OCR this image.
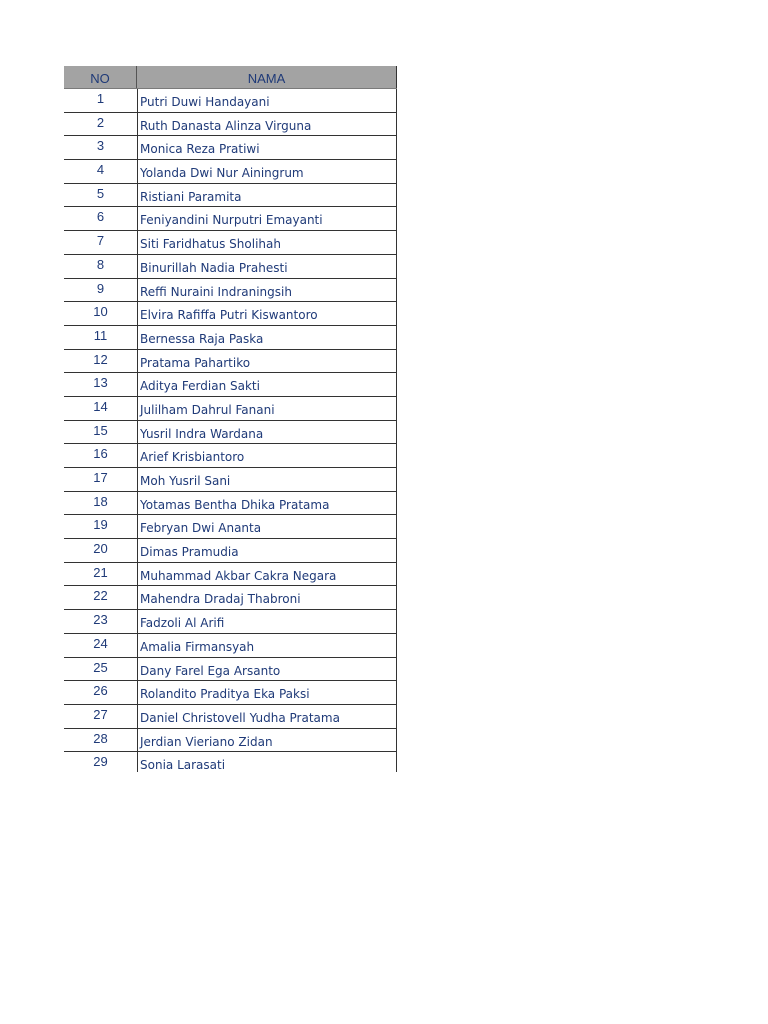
NO	NAMA
1	Putri Duwi Handayani
2	Ruth Danasta Alinza Virguna
3	Monica Reza Pratiwi
4	Yolanda Dwi Nur Ainingrum
5	Ristiani Paramita
6	Feniyandini Nurputri Emayanti
7	Siti Faridhatus Sholihah
8	Binurillah Nadia Prahesti
9	Reffi Nuraini Indraningsih
10	Elvira Rafiffa Putri Kiswantoro
11	Bernessa Raja Paska
12	Pratama Pahartiko
13	Aditya Ferdian Sakti
14	Julilham Dahrul Fanani
15	Yusril Indra Wardana
16	Arief Krisbiantoro
17	Moh Yusril Sani
18	Yotamas Bentha Dhika Pratama
19	Febryan Dwi Ananta
20	Dimas Pramudia
21	Muhammad Akbar Cakra Negara
22	Mahendra Dradaj Thabroni
23	Fadzoli Al Arifi
24	Amalia Firmansyah
25	Dany Farel Ega Arsanto
26	Rolandito Praditya Eka Paksi
27	Daniel Christovell Yudha Pratama
28	Jerdian Vieriano Zidan
29	Sonia Larasati
